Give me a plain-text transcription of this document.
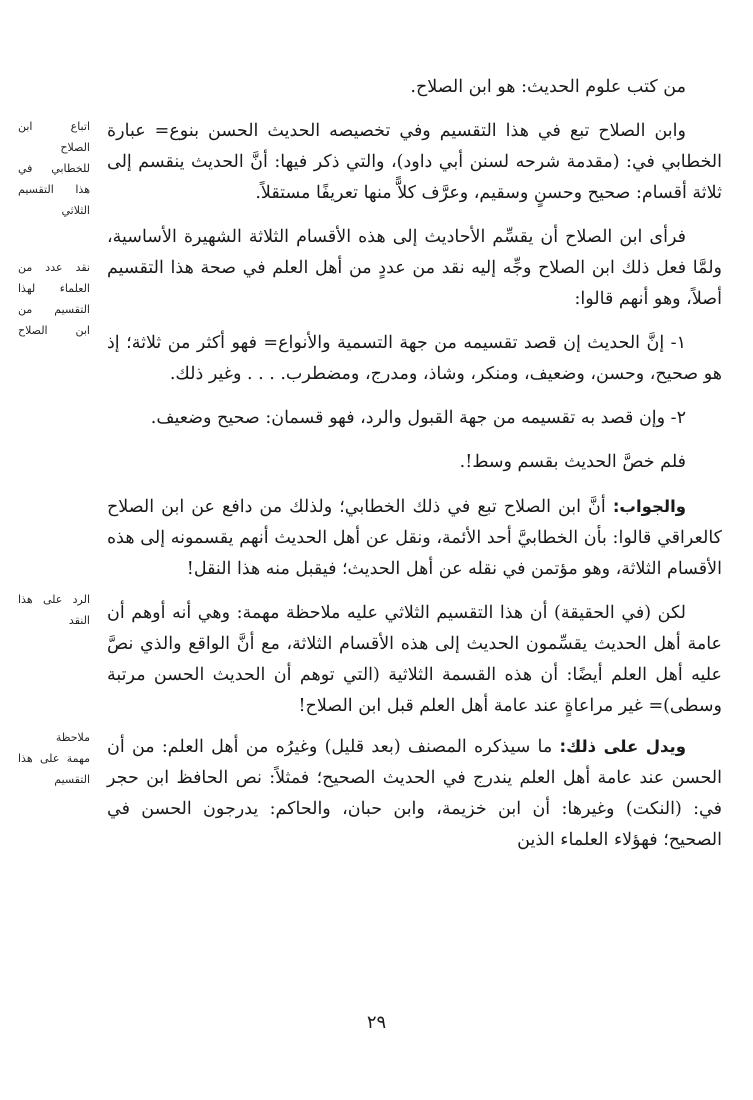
اتباع ابن
الصلاح
للخطابي في
هذا التقسيم
الثلاثي
نقد عدد من
العلماء لهذا
التقسيم من
ابن الصلاح
الرد على هذا
النقد
ملاحظة
مهمة على هذا
التقسيم

من كتب علوم الحديث: هو ابن الصلاح.

وابن الصلاح تبع في هذا التقسيم وفي تخصيصه الحديث الحسن بنوع= عبارة الخطابي في: (مقدمة شرحه لسنن أبي داود)، والتي ذكر فيها: أنَّ الحديث ينقسم إلى ثلاثة أقسام: صحيح وحسنٍ وسقيم، وعرَّف كلاًّ منها تعريفًا مستقلاً.

فرأى ابن الصلاح أن يقسِّم الأحاديث إلى هذه الأقسام الثلاثة الشهيرة الأساسية، ولمَّا فعل ذلك ابن الصلاح وجِّه إليه نقد من عددٍ من أهل العلم في صحة هذا التقسيم أصلاً، وهو أنهم قالوا:

١- إنَّ الحديث إن قصد تقسيمه من جهة التسمية والأنواع= فهو أكثر من ثلاثة؛ إذ هو صحيح، وحسن، وضعيف، ومنكر، وشاذ، ومدرج، ومضطرب. . . . وغير ذلك.

٢- وإن قصد به تقسيمه من جهة القبول والرد، فهو قسمان: صحيح وضعيف.

فلم خصَّ الحديث بقسم وسط!.

والجواب: أنَّ ابن الصلاح تبع في ذلك الخطابي؛ ولذلك من دافع عن ابن الصلاح كالعراقي قالوا: بأن الخطابيَّ أحد الأئمة، ونقل عن أهل الحديث أنهم يقسمونه إلى هذه الأقسام الثلاثة، وهو مؤتمن في نقله عن أهل الحديث؛ فيقبل منه هذا النقل!

لكن (في الحقيقة) أن هذا التقسيم الثلاثي عليه ملاحظة مهمة: وهي أنه أوهم أن عامة أهل الحديث يقسِّمون الحديث إلى هذه الأقسام الثلاثة، مع أنَّ الواقع والذي نصَّ عليه أهل العلم أيضًا: أن هذه القسمة الثلاثية (التي توهم أن الحديث الحسن مرتبة وسطى)= غير مراعاةٍ عند عامة أهل العلم قبل ابن الصلاح!

ويدل على ذلك: ما سيذكره المصنف (بعد قليل) وغيرُه من أهل العلم: من أن الحسن عند عامة أهل العلم يندرج في الحديث الصحيح؛ فمثلاً: نص الحافظ ابن حجر في: (النكت) وغيرها: أن ابن خزيمة، وابن حبان، والحاكم: يدرجون الحسن في الصحيح؛ فهؤلاء العلماء الذين

٢٩
